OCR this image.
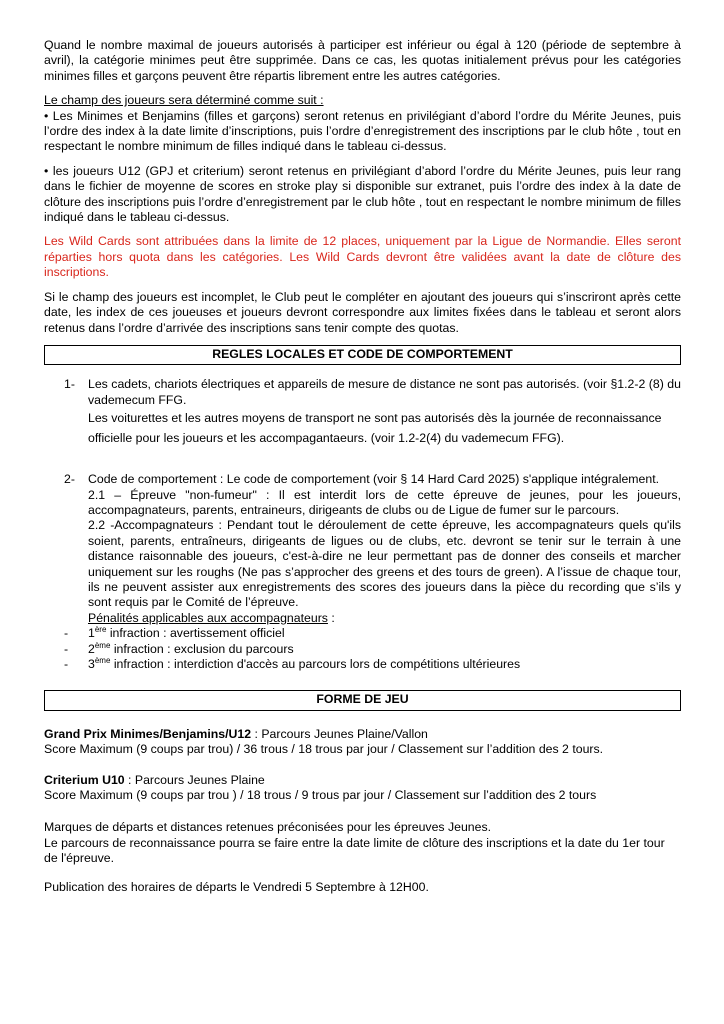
Quand le nombre maximal de joueurs autorisés à participer est inférieur ou égal à 120 (période de septembre à avril), la catégorie minimes peut être supprimée. Dans ce cas, les quotas initialement prévus pour les catégories minimes filles et garçons peuvent être répartis librement entre les autres catégories.

Le champ des joueurs sera déterminé comme suit :

• Les Minimes et Benjamins (filles et garçons) seront retenus en privilégiant d’abord l’ordre du Mérite Jeunes, puis l’ordre des index à la date limite d’inscriptions, puis l’ordre d’enregistrement des inscriptions par le club hôte , tout en respectant le nombre minimum de filles indiqué dans le tableau ci-dessus.

• les joueurs U12 (GPJ et criterium) seront retenus en privilégiant d’abord l’ordre du Mérite Jeunes, puis leur rang dans le fichier de moyenne de scores en stroke play si disponible sur extranet, puis l’ordre des index à la date de clôture des inscriptions puis l’ordre d’enregistrement par le club hôte , tout en respectant le nombre minimum de filles indiqué dans le tableau ci-dessus.

Les Wild Cards sont attribuées dans la limite de 12 places, uniquement par la Ligue de Normandie. Elles seront réparties hors quota dans les catégories. Les Wild Cards devront être validées avant la date de clôture des inscriptions.

Si le champ des joueurs est incomplet, le Club peut le compléter en ajoutant des joueurs qui s’inscriront après cette date, les index de ces joueuses et joueurs devront correspondre aux limites fixées dans le tableau et seront alors retenus dans l’ordre d’arrivée des inscriptions sans tenir compte des quotas.

REGLES LOCALES ET CODE DE COMPORTEMENT
1- Les cadets, chariots électriques et appareils de mesure de distance ne sont pas autorisés. (voir §1.2-2 (8) du vademecum FFG.
Les voiturettes et les autres moyens de transport ne sont pas autorisés dès la journée de reconnaissance officielle pour les joueurs et les accompagantaeurs. (voir 1.2-2(4) du vademecum FFG).
2- Code de comportement : Le code de comportement (voir § 14 Hard Card 2025) s'applique intégralement.
2.1 – Épreuve "non-fumeur" : Il est interdit lors de cette épreuve de jeunes, pour les joueurs, accompagnateurs, parents, entraineurs, dirigeants de clubs ou de Ligue de fumer sur le parcours.
2.2 -Accompagnateurs : Pendant tout le déroulement de cette épreuve, les accompagnateurs quels qu'ils soient, parents, entraîneurs, dirigeants de ligues ou de clubs, etc. devront se tenir sur le terrain à une distance raisonnable des joueurs, c'est-à-dire ne leur permettant pas de donner des conseils et marcher uniquement sur les roughs (Ne pas s’approcher des greens et des tours de green). A l’issue de chaque tour, ils ne peuvent assister aux enregistrements des scores des joueurs dans la pièce du recording que s’ils y sont requis par le Comité de l’épreuve.
Pénalités applicables aux accompagnateurs :
- 1ère infraction : avertissement officiel
- 2ème infraction : exclusion du parcours
- 3ème infraction : interdiction d'accès au parcours lors de compétitions ultérieures
FORME DE JEU
Grand Prix Minimes/Benjamins/U12 : Parcours Jeunes Plaine/Vallon
Score Maximum (9 coups par trou) / 36 trous / 18 trous par jour / Classement sur l’addition des 2 tours.
Criterium U10 : Parcours Jeunes Plaine
Score Maximum (9 coups par trou ) / 18 trous / 9 trous par jour / Classement sur l’addition des 2 tours
Marques de départs et distances retenues préconisées pour les épreuves Jeunes.
Le parcours de reconnaissance pourra se faire entre la date limite de clôture des inscriptions et la date du 1er tour de l'épreuve.
Publication des horaires de départs le Vendredi 5 Septembre à 12H00.
